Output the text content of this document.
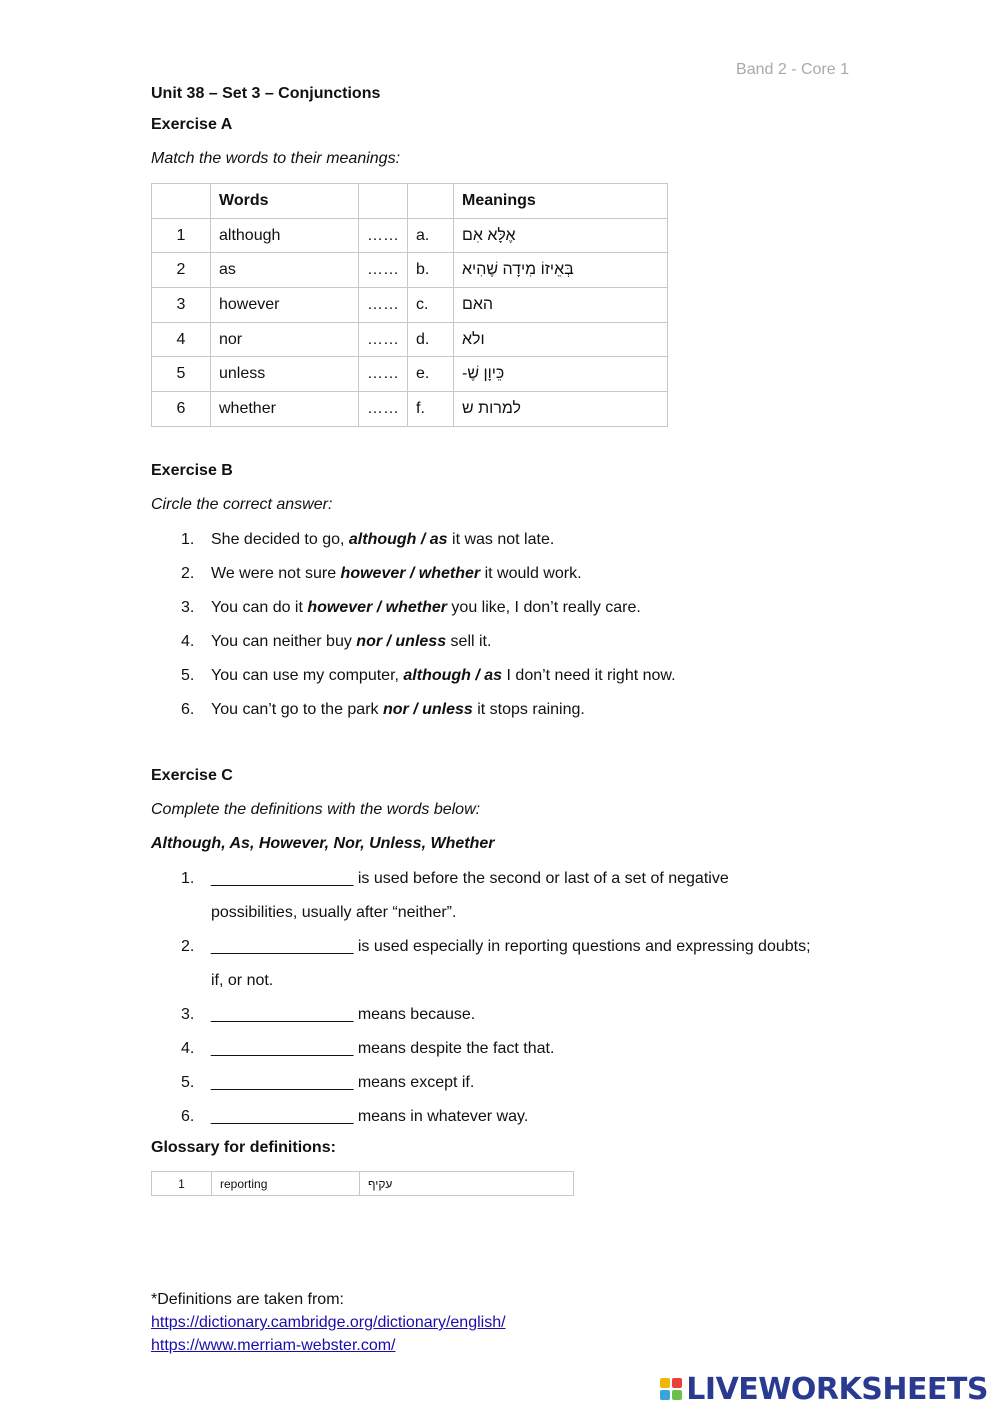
Band 2 - Core 1
Unit 38 – Set 3 – Conjunctions
Exercise A
Match the words to their meanings:
	Words			Meanings
1	although	……	a.	אֶלָּא אִם
2	as	……	b.	בְּאֵיזוֹ מִידָה שֶׁהִיא
3	however	……	c.	האם
4	nor	……	d.	ולא
5	unless	……	e.	כֵּיוָן שֶׁ-
6	whether	……	f.	למרות ש
Exercise B
Circle the correct answer:
1. She decided to go, although / as it was not late.
2. We were not sure however / whether it would work.
3. You can do it however / whether you like, I don’t really care.
4. You can neither buy nor / unless sell it.
5. You can use my computer, although / as I don’t need it right now.
6. You can’t go to the park nor / unless it stops raining.
Exercise C
Complete the definitions with the words below:
Although, As, However, Nor, Unless, Whether
1. ________________ is used before the second or last of a set of negative
possibilities, usually after “neither”.
2. ________________ is used especially in reporting questions and expressing doubts;
if, or not.
3. ________________ means because.
4. ________________ means despite the fact that.
5. ________________ means except if.
6. ________________ means in whatever way.
Glossary for definitions:
1	reporting	עקיף
*Definitions are taken from:
https://dictionary.cambridge.org/dictionary/english/
https://www.merriam-webster.com/
LIVEWORKSHEETS
